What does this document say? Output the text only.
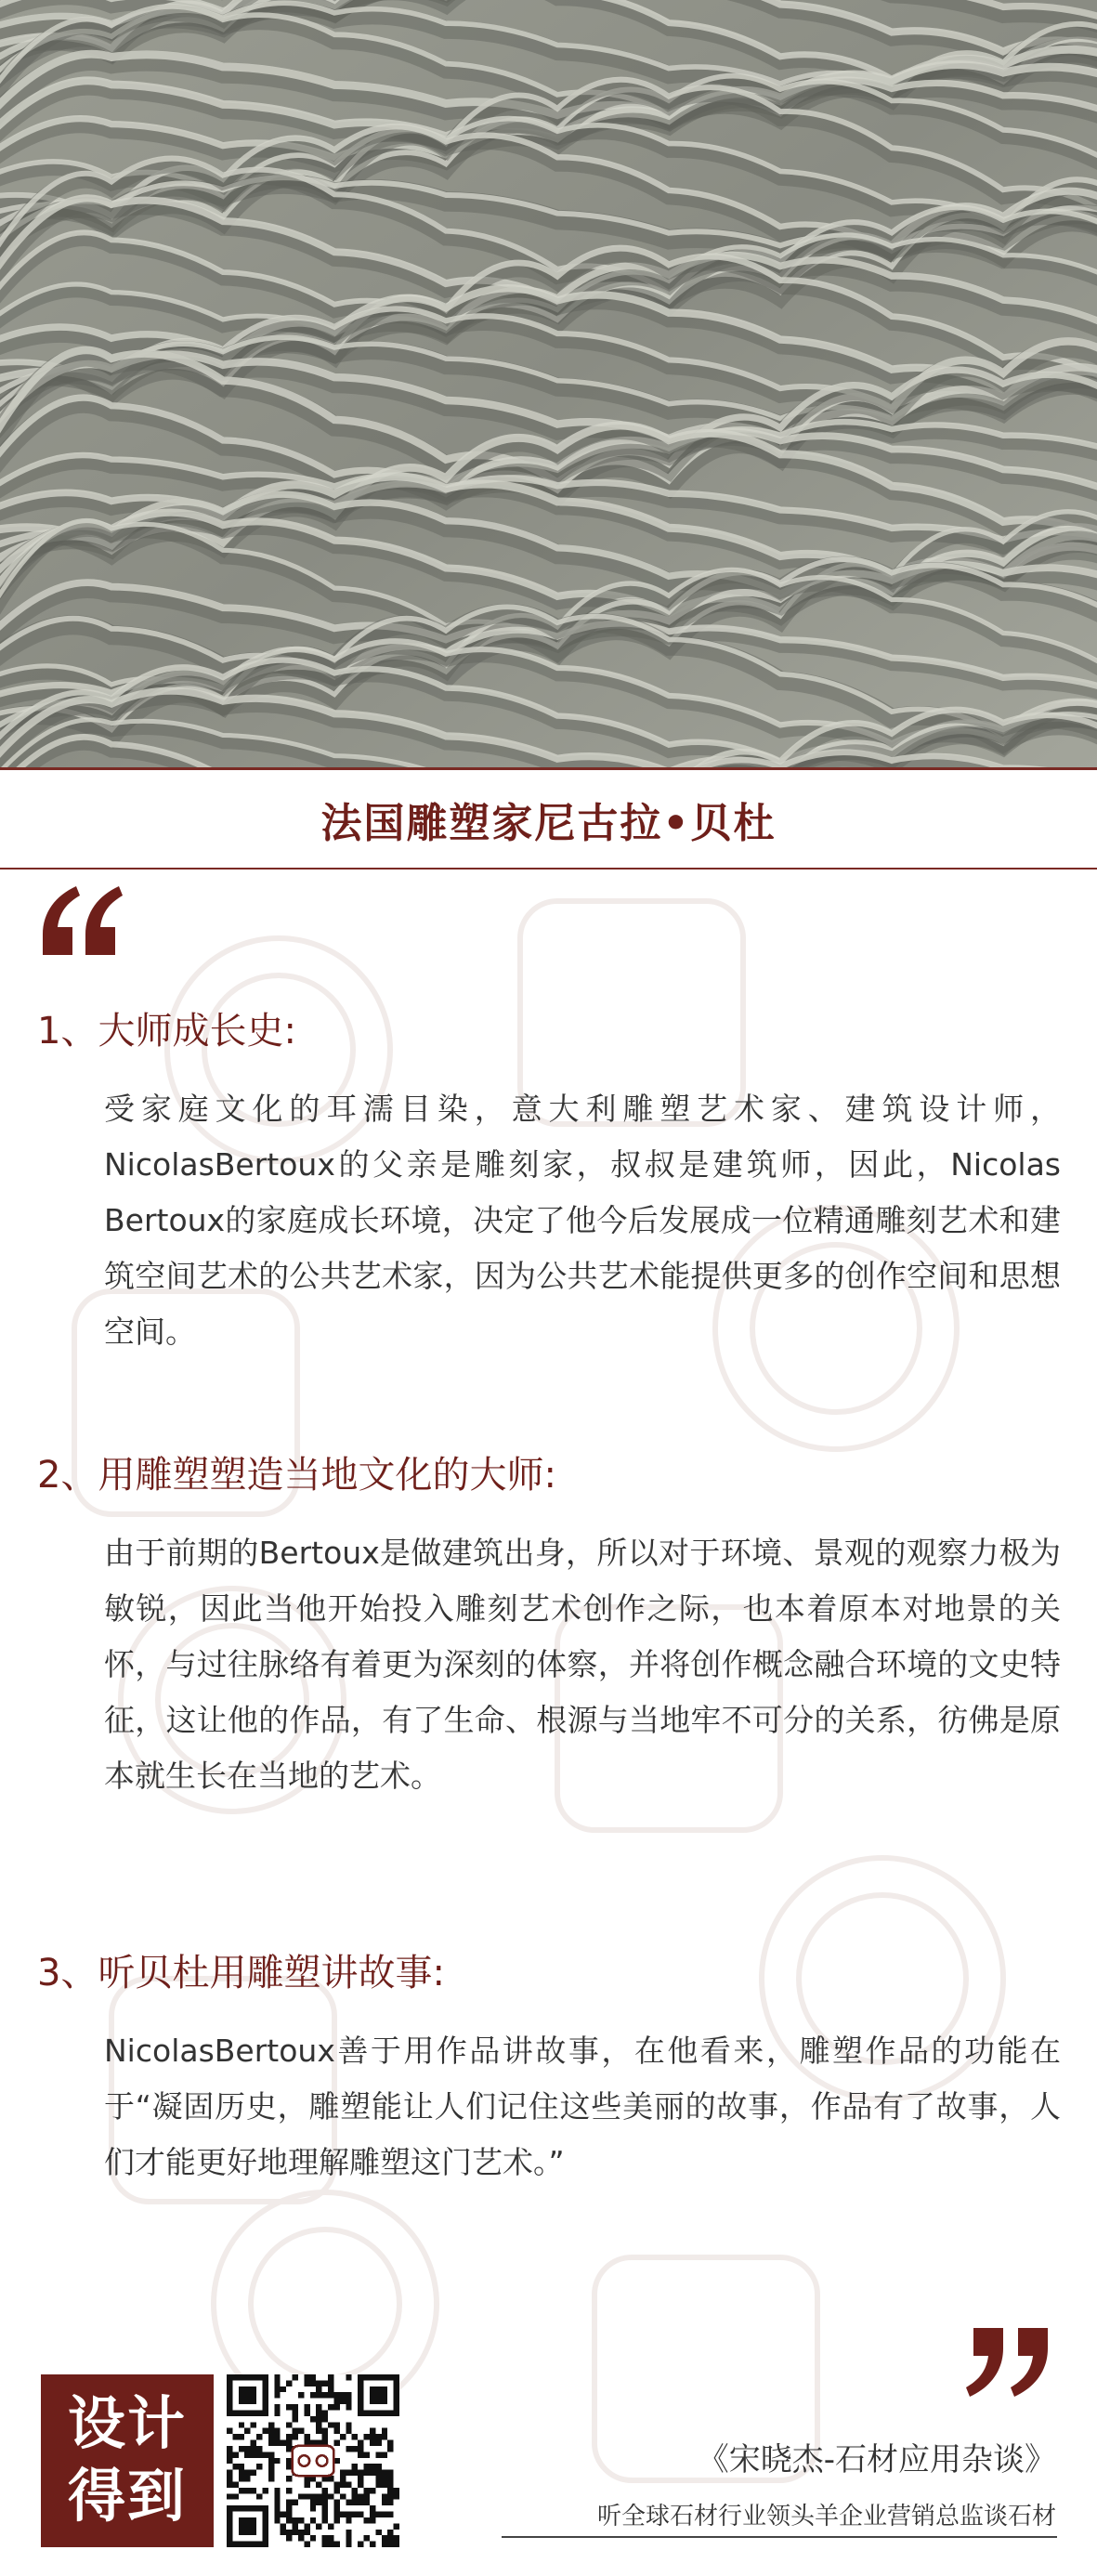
法国雕塑家尼古拉•贝杜

1、大师成长史:

受家庭文化的耳濡目染，意大利雕塑艺术家、建筑设计师，NicolasBertoux的父亲是雕刻家，叔叔是建筑师，因此，Nicolas Bertoux的家庭成长环境，决定了他今后发展成一位精通雕刻艺术和建筑空间艺术的公共艺术家，因为公共艺术能提供更多的创作空间和思想空间。

2、用雕塑塑造当地文化的大师:

由于前期的Bertoux是做建筑出身，所以对于环境、景观的观察力极为敏锐，因此当他开始投入雕刻艺术创作之际，也本着原本对地景的关怀，与过往脉络有着更为深刻的体察，并将创作概念融合环境的文史特征，这让他的作品，有了生命、根源与当地牢不可分的关系，彷佛是原本就生长在当地的艺术。

3、听贝杜用雕塑讲故事:

NicolasBertoux善于用作品讲故事，在他看来，雕塑作品的功能在于“凝固历史，雕塑能让人们记住这些美丽的故事，作品有了故事，人们才能更好地理解雕塑这门艺术。”

设计
得到
《宋晓杰-石材应用杂谈》
听全球石材行业领头羊企业营销总监谈石材
